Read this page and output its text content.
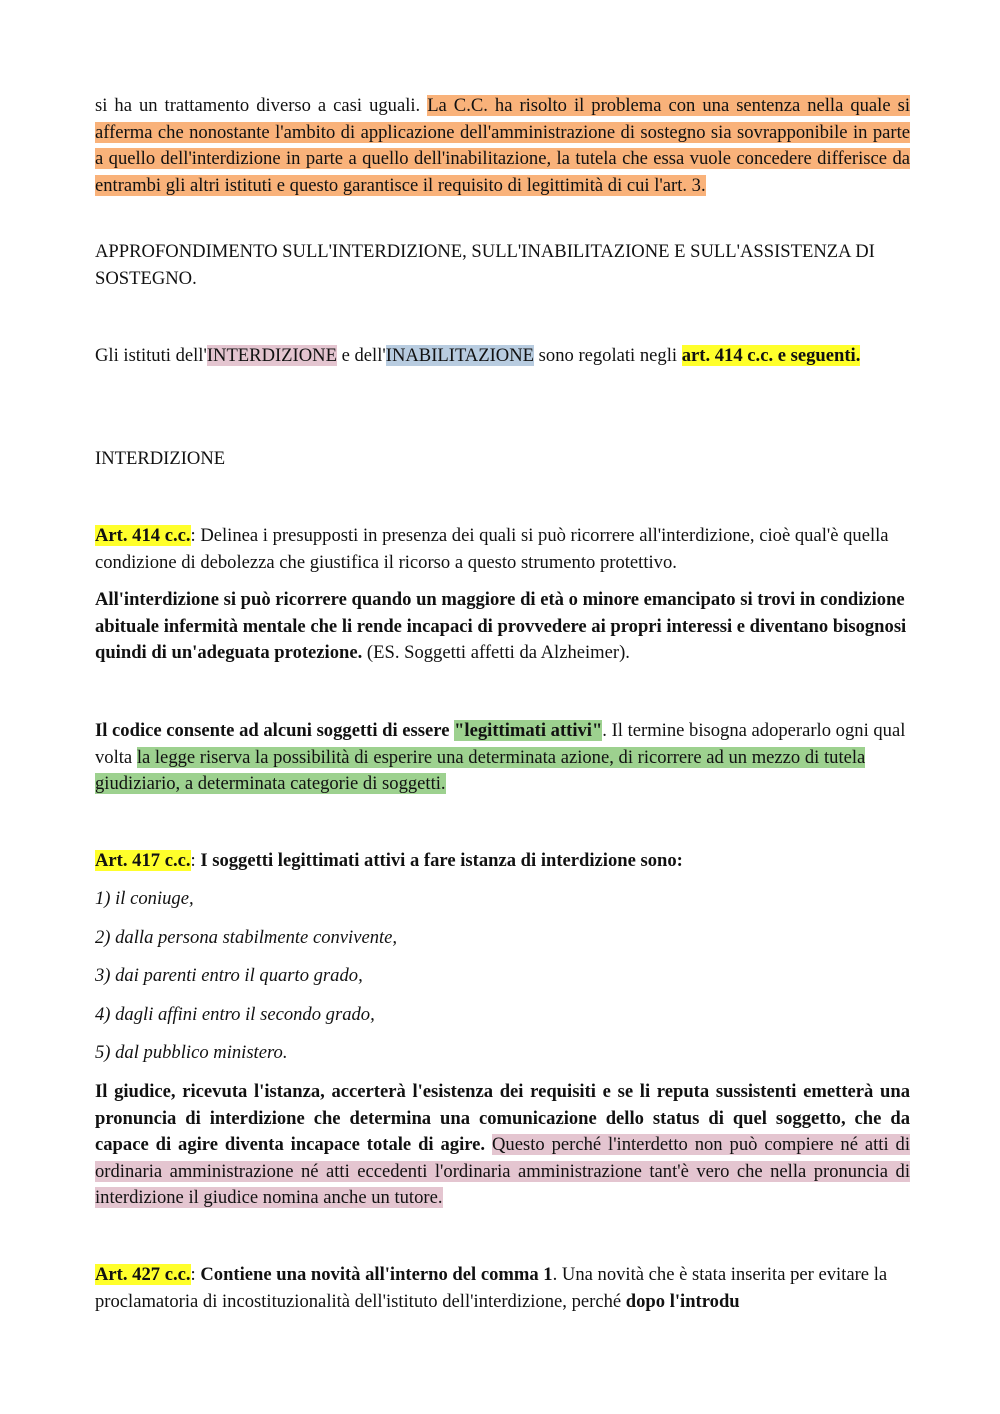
si ha un trattamento diverso a casi uguali. La C.C. ha risolto il problema con una sentenza nella quale si afferma che nonostante l'ambito di applicazione dell'amministrazione di sostegno sia sovrapponibile in parte a quello dell'interdizione in parte a quello dell'inabilitazione, la tutela che essa vuole concedere differisce da entrambi gli altri istituti e questo garantisce il requisito di legittimità di cui l'art. 3.

APPROFONDIMENTO SULL'INTERDIZIONE, SULL'INABILITAZIONE E SULL'ASSISTENZA DI SOSTEGNO.

Gli istituti dell'INTERDIZIONE e dell'INABILITAZIONE sono regolati negli art. 414 c.c. e seguenti.

INTERDIZIONE

Art. 414 c.c.: Delinea i presupposti in presenza dei quali si può ricorrere all'interdizione, cioè qual'è quella condizione di debolezza che giustifica il ricorso a questo strumento protettivo.

All'interdizione si può ricorrere quando un maggiore di età o minore emancipato si trovi in condizione abituale infermità mentale che li rende incapaci di provvedere ai propri interessi e diventano bisognosi quindi di un'adeguata protezione. (ES. Soggetti affetti da Alzheimer).

Il codice consente ad alcuni soggetti di essere "legittimati attivi". Il termine bisogna adoperarlo ogni qual volta la legge riserva la possibilità di esperire una determinata azione, di ricorrere ad un mezzo di tutela giudiziario, a determinata categorie di soggetti.

Art. 417 c.c.: I soggetti legittimati attivi a fare istanza di interdizione sono:

1) il coniuge,

2) dalla persona stabilmente convivente,

3) dai parenti entro il quarto grado,

4) dagli affini entro il secondo grado,

5) dal pubblico ministero.

Il giudice, ricevuta l'istanza, accerterà l'esistenza dei requisiti e se li reputa sussistenti emetterà una pronuncia di interdizione che determina una comunicazione dello status di quel soggetto, che da capace di agire diventa incapace totale di agire. Questo perché l'interdetto non può compiere né atti di ordinaria amministrazione né atti eccedenti l'ordinaria amministrazione tant'è vero che nella pronuncia di interdizione il giudice nomina anche un tutore.

Art. 427 c.c.: Contiene una novità all'interno del comma 1. Una novità che è stata inserita per evitare la proclamatoria di incostituzionalità dell'istituto dell'interdizione, perché dopo l'introdu
